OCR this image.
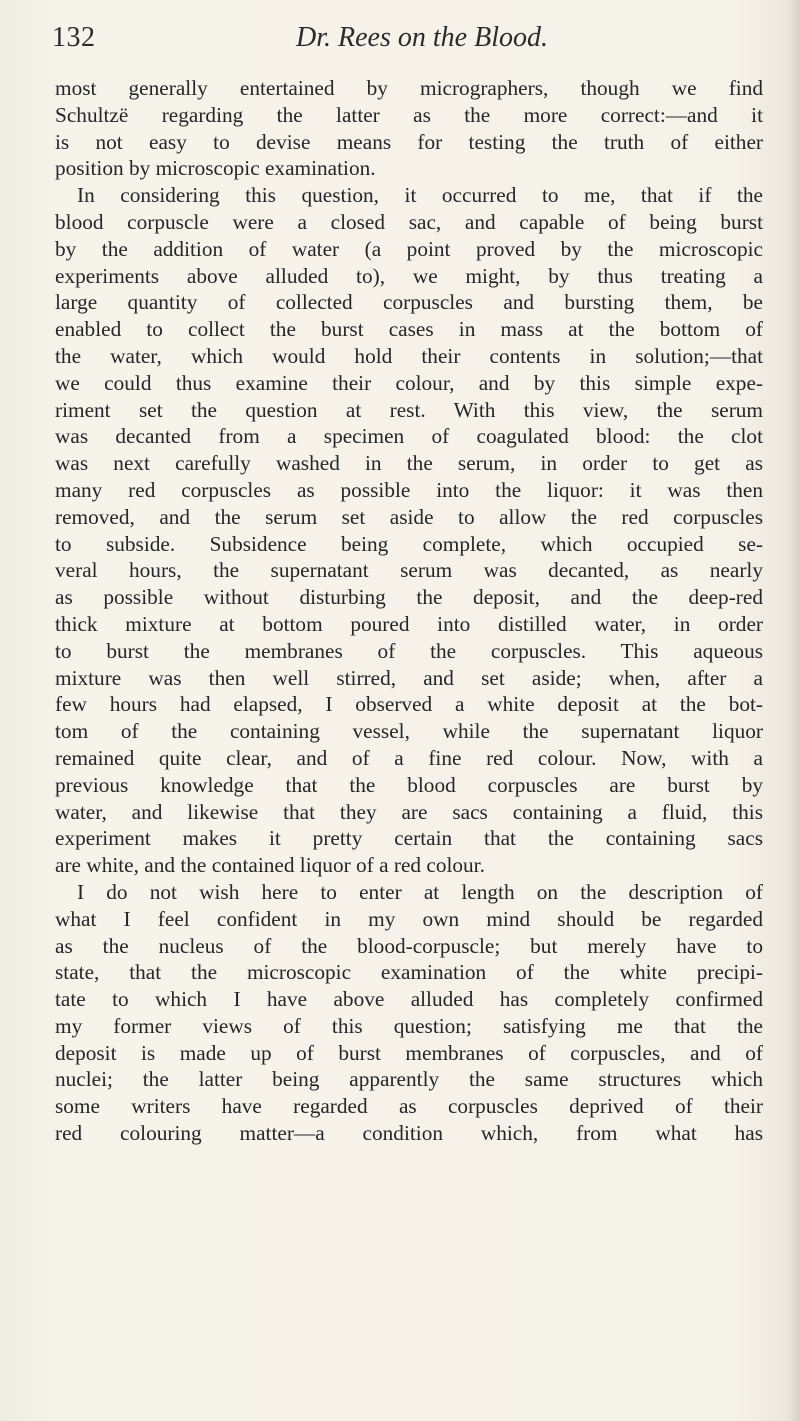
132	Dr. Rees on the Blood.
most generally entertained by micrographers, though we find
Schultzë regarding the latter as the more correct:—and it
is not easy to devise means for testing the truth of either
position by microscopic examination.
In considering this question, it occurred to me, that if the
blood corpuscle were a closed sac, and capable of being burst
by the addition of water (a point proved by the microscopic
experiments above alluded to), we might, by thus treating a
large quantity of collected corpuscles and bursting them, be
enabled to collect the burst cases in mass at the bottom of
the water, which would hold their contents in solution;—that
we could thus examine their colour, and by this simple expe-
riment set the question at rest. With this view, the serum
was decanted from a specimen of coagulated blood: the clot
was next carefully washed in the serum, in order to get as
many red corpuscles as possible into the liquor: it was then
removed, and the serum set aside to allow the red corpuscles
to subside. Subsidence being complete, which occupied se-
veral hours, the supernatant serum was decanted, as nearly
as possible without disturbing the deposit, and the deep-red
thick mixture at bottom poured into distilled water, in order
to burst the membranes of the corpuscles. This aqueous
mixture was then well stirred, and set aside; when, after a
few hours had elapsed, I observed a white deposit at the bot-
tom of the containing vessel, while the supernatant liquor
remained quite clear, and of a fine red colour. Now, with a
previous knowledge that the blood corpuscles are burst by
water, and likewise that they are sacs containing a fluid, this
experiment makes it pretty certain that the containing sacs
are white, and the contained liquor of a red colour.
I do not wish here to enter at length on the description of
what I feel confident in my own mind should be regarded
as the nucleus of the blood-corpuscle; but merely have to
state, that the microscopic examination of the white precipi-
tate to which I have above alluded has completely confirmed
my former views of this question; satisfying me that the
deposit is made up of burst membranes of corpuscles, and of
nuclei; the latter being apparently the same structures which
some writers have regarded as corpuscles deprived of their
red colouring matter—a condition which, from what has
